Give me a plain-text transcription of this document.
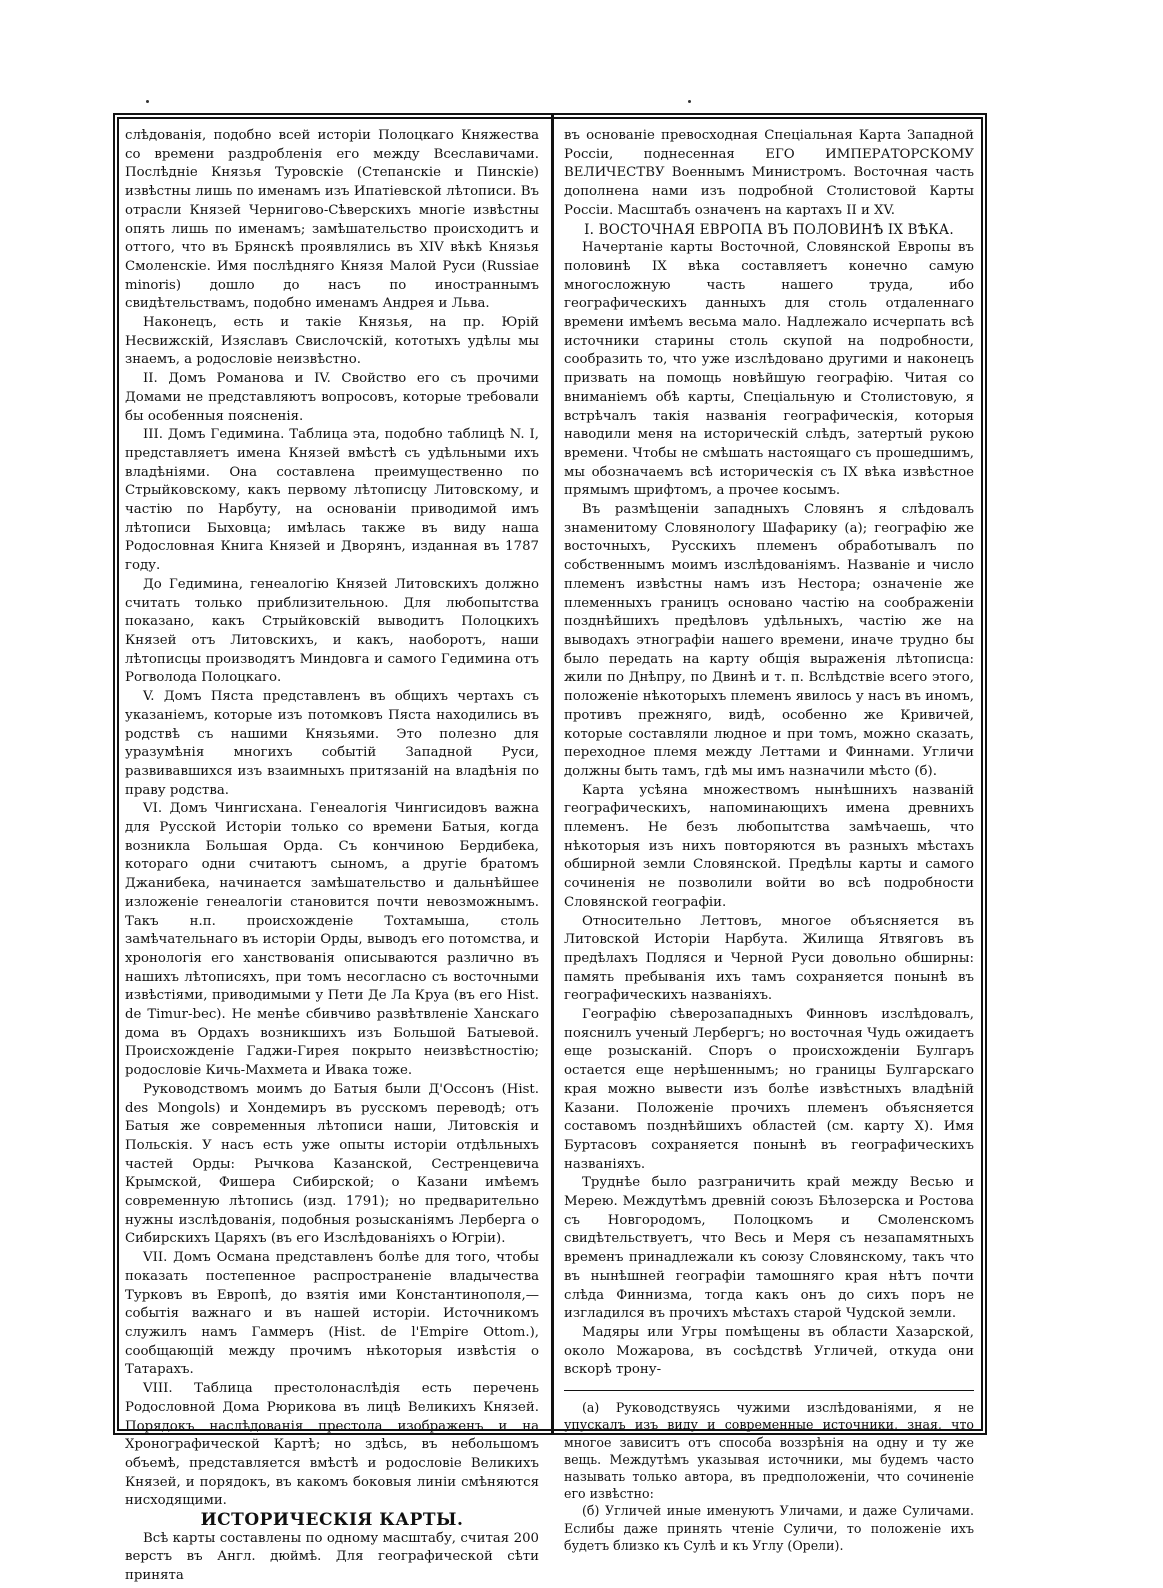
слѣдованія, подобно всей исторіи Полоцкаго Княжества со времени раздробленія его между Всеславичами. Послѣдніе Князья Туровскіе (Степанскіе и Пинскіе) извѣстны лишь по именамъ изъ Ипатіевской лѣтописи. Въ отрасли Князей Черниговo-Сѣверскихъ многіе извѣстны опять лишь по именамъ; замѣшательство происходитъ и оттого, что въ Брянскѣ проявлялись въ XIV вѣкѣ Князья Смоленскіе. Имя послѣдняго Князя Малой Руси (Russiae minoris) дошло до насъ по иностраннымъ свидѣтельствамъ, подобно именамъ Андрея и Льва.

Наконецъ, есть и такіе Князья, на пр. Юрій Несвижскій, Изяславъ Свислочскій, кототыхъ удѣлы мы знаемъ, а родословіе неизвѣстно.

II. Домъ Романова и IV. Свойство его съ прочими Домами не представляютъ вопросовъ, которые требовали бы особенныя поясненія.

III. Домъ Гедимина. Таблица эта, подобно таблицѣ N. I, представляетъ имена Князей вмѣстѣ съ удѣльными ихъ владѣніями. Она составлена преимущественно по Стрыйковскому, какъ первому лѣтописцу Литовскому, и частію по Нарбуту, на основаніи приводимой имъ лѣтописи Быховца; имѣлась также въ виду наша Родословная Книга Князей и Дворянъ, изданная въ 1787 году.

До Гедимина, генеалогію Князей Литовскихъ должно считать только приблизительною. Для любопытства показано, какъ Стрыйковскій выводитъ Полоцкихъ Князей отъ Литовскихъ, и какъ, наоборотъ, наши лѣтописцы производятъ Миндовга и самого Гедимина отъ Рогволода Полоцкаго.

V. Домъ Пяста представленъ въ общихъ чертахъ съ указаніемъ, которые изъ потомковъ Пяста находились въ родствѣ съ нашими Князьями. Это полезно для уразумѣнія многихъ событій Западной Руси, развивавшихся изъ взаимныхъ притязаній на владѣнія по праву родства.

VI. Домъ Чингисхана. Генеалогія Чингисидовъ важна для Русской Исторіи только со времени Батыя, когда возникла Большая Орда. Съ кончиною Бердибека, котораго одни считаютъ сыномъ, а другіе братомъ Джанибека, начинается замѣшательство и дальнѣйшее изложеніе генеалогіи становится почти невозможнымъ. Такъ н.п. происхожденіе Тохтамыша, столь замѣчательнаго въ исторіи Орды, выводъ его потомства, и хронологія его ханствованія описываются различно въ нашихъ лѣтописяхъ, при томъ несогласно съ восточными извѣстіями, приводимыми у Пети Де Ла Круа (въ его Hist. de Timur-bec). Не менѣе сбивчиво развѣтвленіе Ханскаго дома въ Ордахъ возникшихъ изъ Большой Батыевой. Происхожденіе Гаджи-Гирея покрыто неизвѣстностію; родословіе Кичь-Махмета и Ивака тоже.

Руководствомъ моимъ до Батыя были Д'Оссонъ (Hist. des Mongols) и Хондемиръ въ русскомъ переводѣ; отъ Батыя же современныя лѣтописи наши, Литовскія и Польскія. У насъ есть уже опыты исторіи отдѣльныхъ частей Орды: Рычкова Казанской, Сестренцевича Крымской, Фишера Сибирской; о Казани имѣемъ современную лѣтопись (изд. 1791); но предварительно нужны изслѣдованія, подобныя розысканіямъ Лерберга о Сибирскихъ Царяхъ (въ его Изслѣдованіяхъ о Югріи).

VII. Домъ Османа представленъ болѣе для того, чтобы показать постепенное распространеніе владычества Турковъ въ Европѣ, до взятія ими Константинополя,—событія важнаго и въ нашей исторіи. Источникомъ служилъ намъ Гаммеръ (Hist. de l'Empire Ottom.), сообщающій между прочимъ нѣкоторыя извѣстія о Татарахъ.

VIII. Таблица престолонаслѣдія есть перечень Родословной Дома Рюрикова въ лицѣ Великихъ Князей. Порядокъ наслѣдованія престола изображенъ и на Хронографической Картѣ; но здѣсь, въ небольшомъ объемѣ, представляется вмѣстѣ и родословіе Великихъ Князей, и порядокъ, въ какомъ боковыя линіи смѣняются нисходящими.

ИСТОРИЧЕСКІЯ КАРТЫ.

Всѣ карты составлены по одному масштабу, считая 200 верстъ въ Англ. дюймѣ. Для географической сѣти принята

въ основаніе превосходная Спеціальная Карта Западной Россіи, поднесенная ЕГО ИМПЕРАТОРСКОМУ ВЕЛИЧЕСТВУ Военнымъ Министромъ. Восточная часть дополнена нами изъ подробной Столистовой Карты Россіи. Масштабъ означенъ на картахъ II и XV.

I. ВОСТОЧНАЯ ЕВРОПА ВЪ ПОЛОВИНѢ IX ВѢКА.

Начертаніе карты Восточной, Словянской Европы въ половинѣ IX вѣка составляетъ конечно самую многосложную часть нашего труда, ибо географическихъ данныхъ для столь отдаленнаго времени имѣемъ весьма мало. Надлежало исчерпать всѣ источники старины столь скупой на подробности, сообразить то, что уже изслѣдовано другими и наконецъ призвать на помощь новѣйшую географію. Читая со вниманіемъ обѣ карты, Спеціальную и Столистовую, я встрѣчалъ такія названія географическія, которыя наводили меня на историческій слѣдъ, затертый рукою времени. Чтобы не смѣшать настоящаго съ прошедшимъ, мы обозначаемъ всѣ историческія съ IX вѣка извѣстное прямымъ шрифтомъ, а прочее косымъ.

Въ размѣщеніи западныхъ Словянъ я слѣдовалъ знаменитому Словянологу Шафарику (а); географію же восточныхъ, Русскихъ племенъ обработывалъ по собственнымъ моимъ изслѣдованіямъ. Названіе и число племенъ извѣстны намъ изъ Нестора; означеніе же племенныхъ границъ основано частію на соображеніи позднѣйшихъ предѣловъ удѣльныхъ, частію же на выводахъ этнографіи нашего времени, иначе трудно бы было передать на карту общія выраженія лѣтописца: жили по Днѣпру, по Двинѣ и т. п. Вслѣдствіе всего этого, положеніе нѣкоторыхъ племенъ явилось у насъ въ иномъ, противъ прежняго, видѣ, особенно же Кривичей, которые составляли людное и при томъ, можно сказать, переходное племя между Леттами и Финнами. Угличи должны быть тамъ, гдѣ мы имъ назначили мѣсто (б).

Карта усѣяна множествомъ нынѣшнихъ названій географическихъ, напоминающихъ имена древнихъ племенъ. Не безъ любопытства замѣчаешь, что нѣкоторыя изъ нихъ повторяются въ разныхъ мѣстахъ обширной земли Словянской. Предѣлы карты и самого сочиненія не позволили войти во всѣ подробности Словянской географіи.

Относительно Леттовъ, многое объясняется въ Литовской Исторіи Нарбута. Жилища Ятвяговъ въ предѣлахъ Подляся и Черной Руси довольно обширны: память пребыванія ихъ тамъ сохраняется понынѣ въ географическихъ названіяхъ.

Географію сѣверозападныхъ Финновъ изслѣдовалъ, пояснилъ ученый Лербергъ; но восточная Чудь ожидаетъ еще розысканій. Споръ о происхожденіи Булгаръ остается еще нерѣшеннымъ; но границы Булгарскаго края можно вывести изъ болѣе извѣстныхъ владѣній Казани. Положеніе прочихъ племенъ объясняется составомъ позднѣйшихъ областей (см. карту X). Имя Буртасовъ сохраняется понынѣ въ географическихъ названіяхъ.

Труднѣе было разграничить край между Весью и Мерею. Междутѣмъ древній союзъ Бѣлозерска и Ростова съ Новгородомъ, Полоцкомъ и Смоленскомъ свидѣтельствуетъ, что Весь и Меря съ незапамятныхъ временъ принадлежали къ союзу Словянскому, такъ что въ нынѣшней географіи тамошняго края нѣтъ почти слѣда Финнизма, тогда какъ онъ до сихъ поръ не изгладился въ прочихъ мѣстахъ старой Чудской земли.

Мадяры или Угры помѣщены въ области Хазарской, около Можарова, въ сосѣдствѣ Угличей, откуда они вскорѣ трону-

(а) Руководствуясь чужими изслѣдованіями, я не упускалъ изъ виду и современные источники, зная, что многое зависитъ отъ способа воззрѣнія на одну и ту же вещь. Междутѣмъ указывая источники, мы будемъ часто называть только автора, въ предположеніи, что сочиненіе его извѣстно:

(б) Угличей иные именуютъ Уличами, и даже Суличами. Еслибы даже принять чтеніе Суличи, то положеніе ихъ будетъ близко къ Сулѣ и къ Углу (Орели).
